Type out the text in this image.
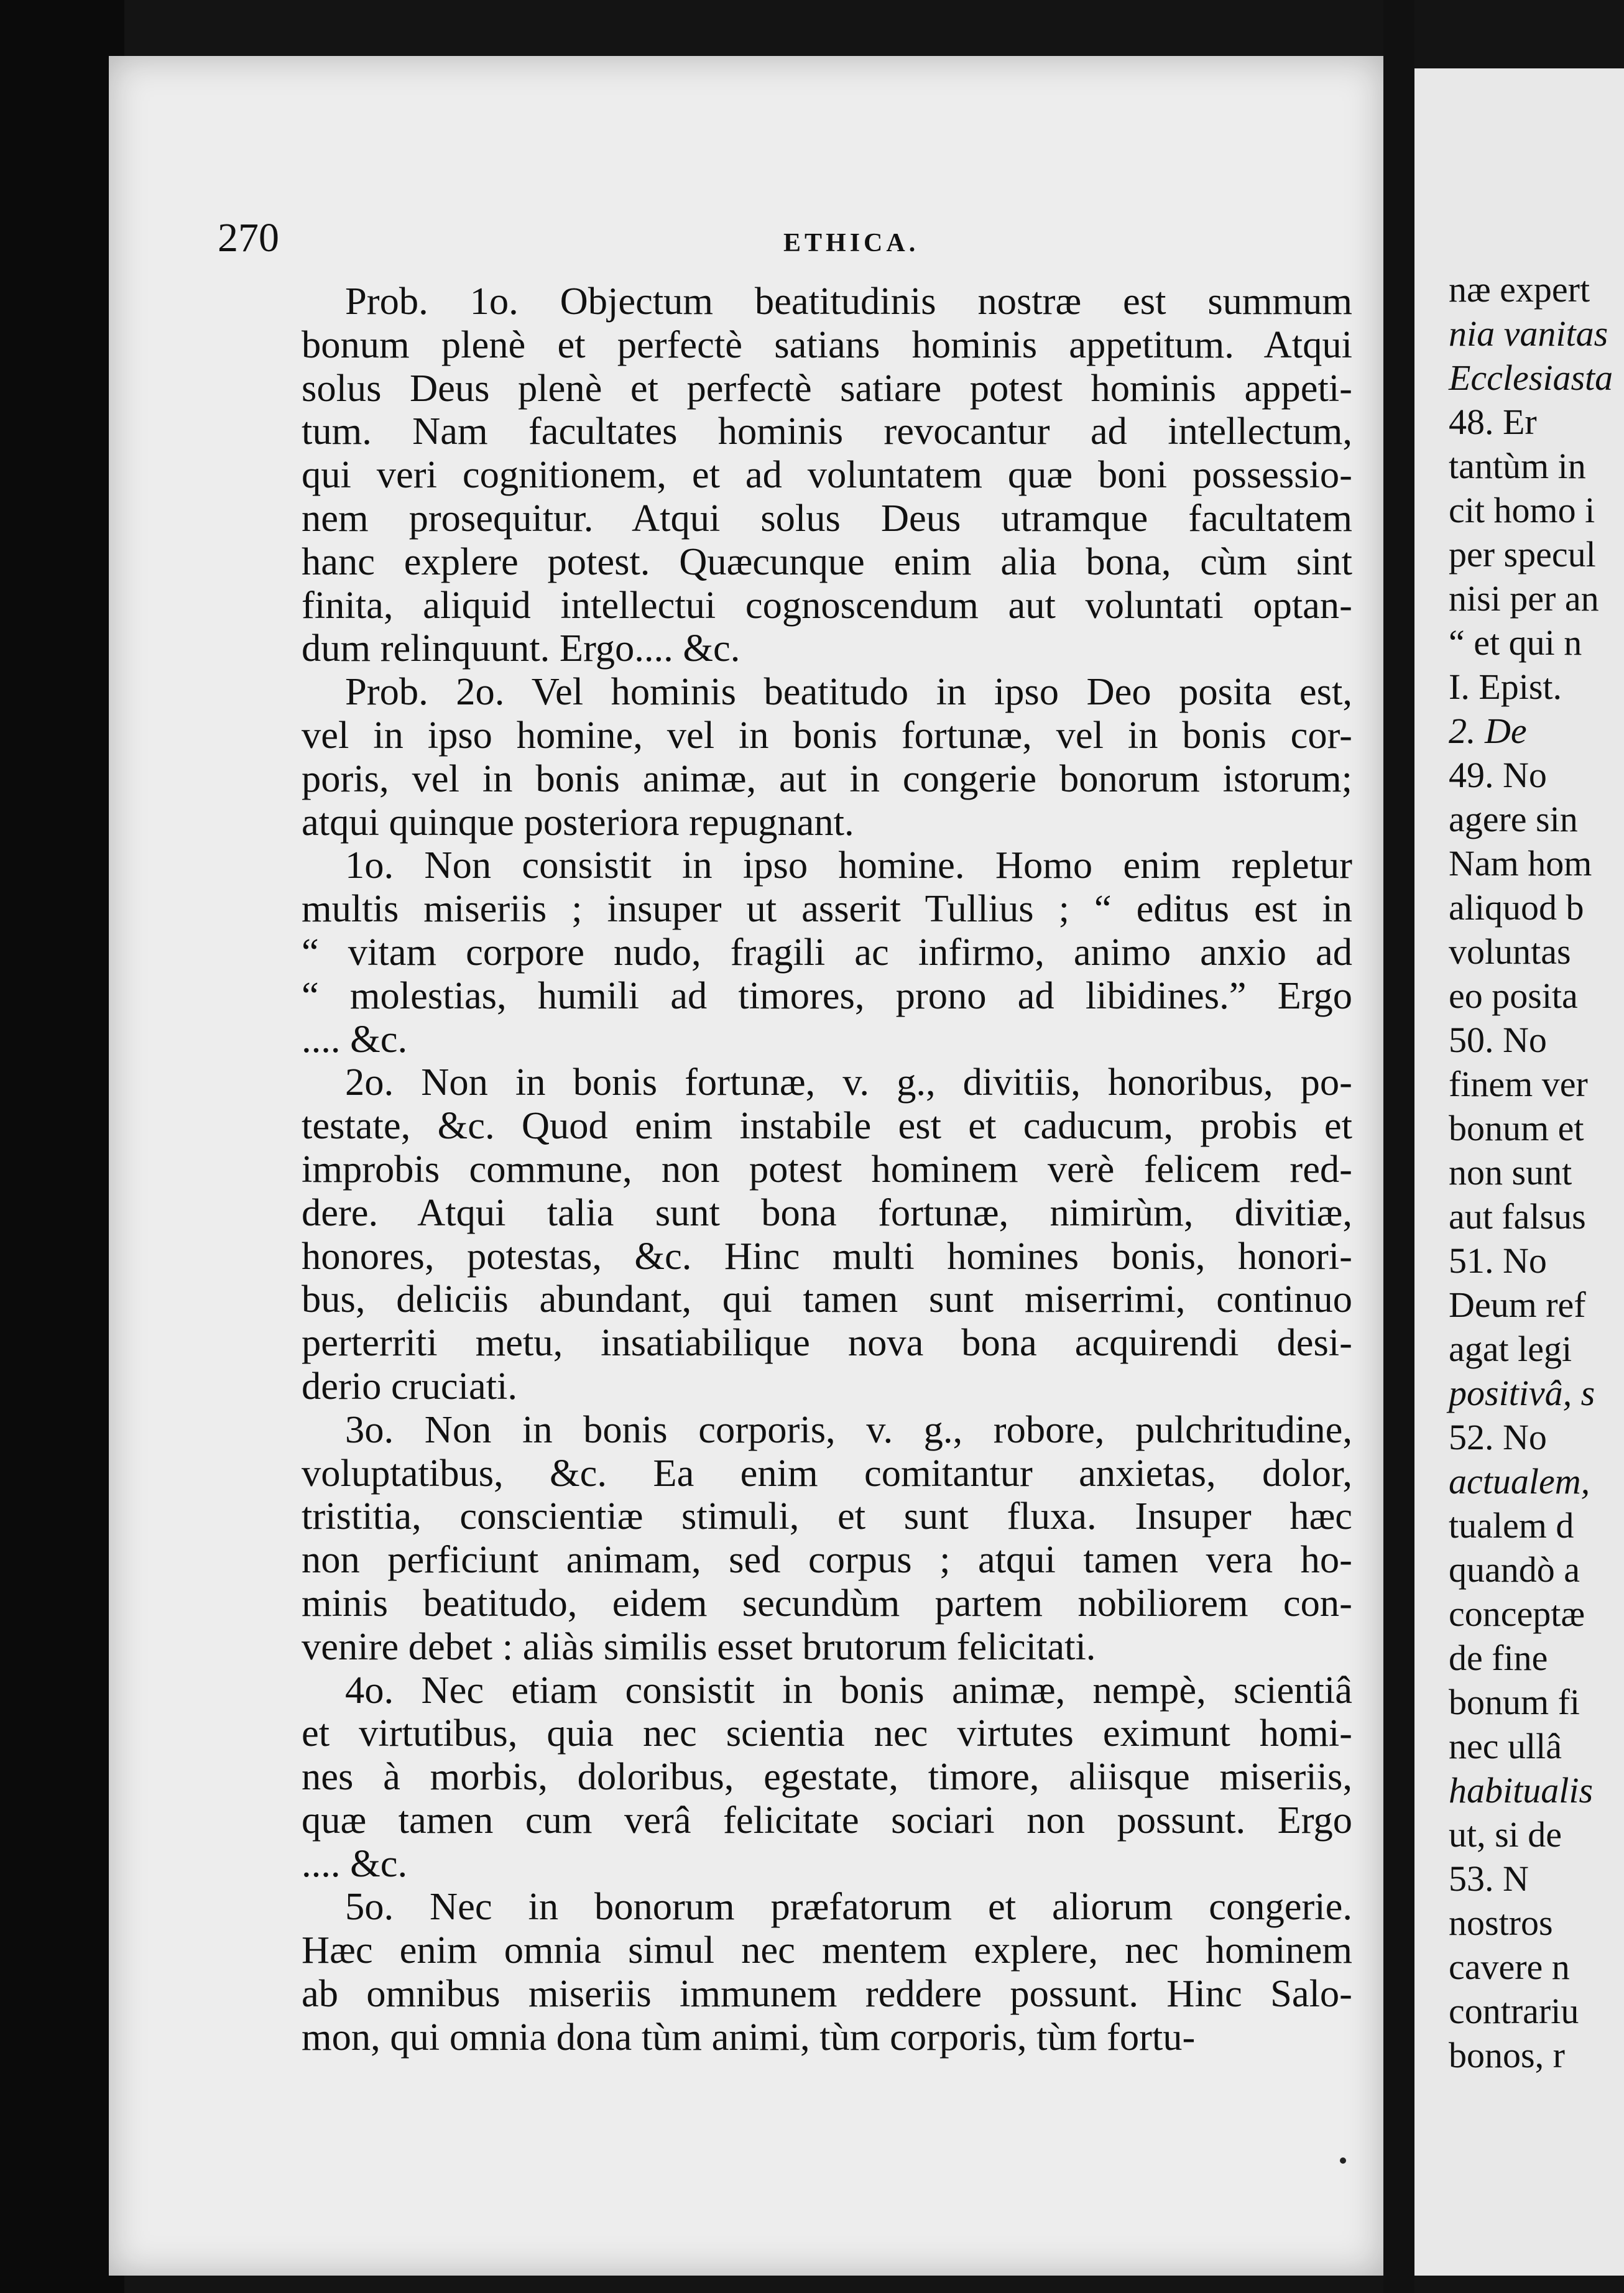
270	ETHICA.
Prob. 1o. Objectum beatitudinis nostræ est summum
bonum plenè et perfectè satians hominis appetitum. Atqui
solus Deus plenè et perfectè satiare potest hominis appeti-
tum. Nam facultates hominis revocantur ad intellectum,
qui veri cognitionem, et ad voluntatem quæ boni possessio-
nem prosequitur. Atqui solus Deus utramque facultatem
hanc explere potest. Quæcunque enim alia bona, cùm sint
finita, aliquid intellectui cognoscendum aut voluntati optan-
dum relinquunt. Ergo.... &c.
Prob. 2o. Vel hominis beatitudo in ipso Deo posita est,
vel in ipso homine, vel in bonis fortunæ, vel in bonis cor-
poris, vel in bonis animæ, aut in congerie bonorum istorum;
atqui quinque posteriora repugnant.
1o. Non consistit in ipso homine. Homo enim repletur
multis miseriis ; insuper ut asserit Tullius ; “ editus est in
“ vitam corpore nudo, fragili ac infirmo, animo anxio ad
“ molestias, humili ad timores, prono ad libidines.” Ergo
.... &c.
2o. Non in bonis fortunæ, v. g., divitiis, honoribus, po-
testate, &c. Quod enim instabile est et caducum, probis et
improbis commune, non potest hominem verè felicem red-
dere. Atqui talia sunt bona fortunæ, nimirùm, divitiæ,
honores, potestas, &c. Hinc multi homines bonis, honori-
bus, deliciis abundant, qui tamen sunt miserrimi, continuo
perterriti metu, insatiabilique nova bona acquirendi desi-
derio cruciati.
3o. Non in bonis corporis, v. g., robore, pulchritudine,
voluptatibus, &c. Ea enim comitantur anxietas, dolor,
tristitia, conscientiæ stimuli, et sunt fluxa. Insuper hæc
non perficiunt animam, sed corpus ; atqui tamen vera ho-
minis beatitudo, eidem secundùm partem nobiliorem con-
venire debet : aliàs similis esset brutorum felicitati.
4o. Nec etiam consistit in bonis animæ, nempè, scientiâ
et virtutibus, quia nec scientia nec virtutes eximunt homi-
nes à morbis, doloribus, egestate, timore, aliisque miseriis,
quæ tamen cum verâ felicitate sociari non possunt. Ergo
.... &c.
5o. Nec in bonorum præfatorum et aliorum congerie.
Hæc enim omnia simul nec mentem explere, nec hominem
ab omnibus miseriis immunem reddere possunt. Hinc Salo-
mon, qui omnia dona tùm animi, tùm corporis, tùm fortu-
næ expert
nia vanitas
Ecclesiasta
48. Er
tantùm in
cit homo i
per specul
nisi per an
“ et qui n
I. Epist.
2. De
49. No
agere sin
Nam hom
aliquod b
voluntas
eo posita
50. No
finem ver
bonum et
non sunt
aut falsus
51. No
Deum ref
agat legi
positivâ, s
52. No
actualem,
tualem d
quandò a
conceptæ
de fine
bonum fi
nec ullâ
habitualis
ut, si de
53. N
nostros
cavere n
contrariu
bonos, r
